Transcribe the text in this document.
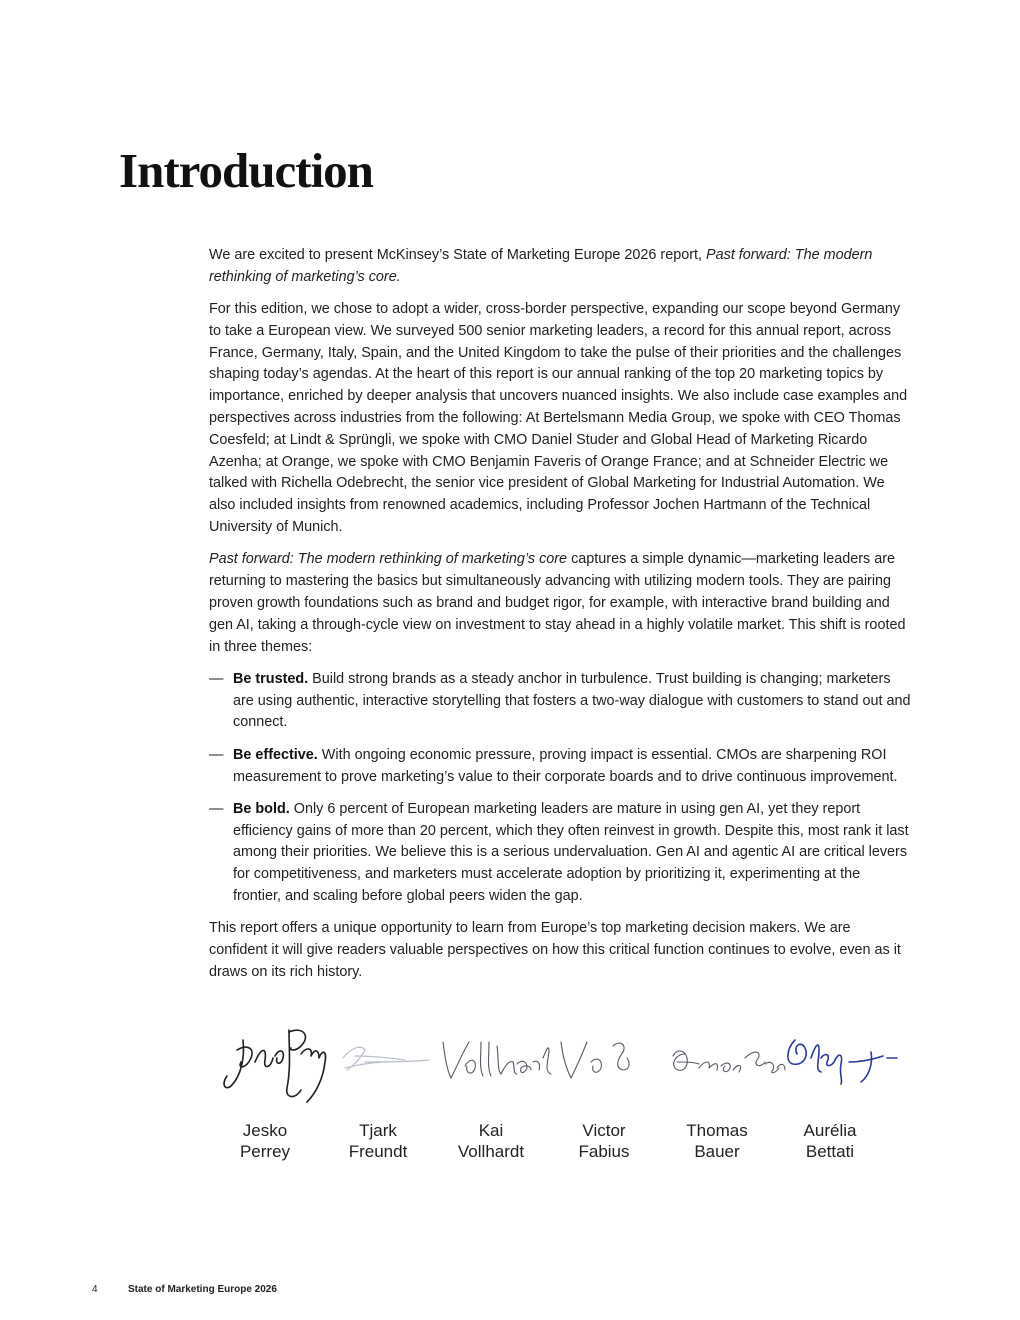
Introduction

We are excited to present McKinsey’s State of Marketing Europe 2026 report, Past forward: The modern rethinking of marketing’s core.

For this edition, we chose to adopt a wider, cross-border perspective, expanding our scope beyond Germany to take a European view. We surveyed 500 senior marketing leaders, a record for this annual report, across France, Germany, Italy, Spain, and the United Kingdom to take the pulse of their priorities and the challenges shaping today’s agendas. At the heart of this report is our annual ranking of the top 20 marketing topics by importance, enriched by deeper analysis that uncovers nuanced insights. We also include case examples and perspectives across industries from the following: At Bertelsmann Media Group, we spoke with CEO Thomas Coesfeld; at Lindt & Sprüngli, we spoke with CMO Daniel Studer and Global Head of Marketing Ricardo Azenha; at Orange, we spoke with CMO Benjamin Faveris of Orange France; and at Schneider Electric we talked with Richella Odebrecht, the senior vice president of Global Marketing for Industrial Automation. We also included insights from renowned academics, including Professor Jochen Hartmann of the Technical University of Munich.

Past forward: The modern rethinking of marketing’s core captures a simple dynamic—marketing leaders are returning to mastering the basics but simultaneously advancing with utilizing modern tools. They are pairing proven growth foundations such as brand and budget rigor, for example, with interactive brand building and gen AI, taking a through-cycle view on investment to stay ahead in a highly volatile market. This shift is rooted in three themes:

— Be trusted. Build strong brands as a steady anchor in turbulence. Trust building is changing; marketers are using authentic, interactive storytelling that fosters a two-way dialogue with customers to stand out and connect.
— Be effective. With ongoing economic pressure, proving impact is essential. CMOs are sharpening ROI measurement to prove marketing’s value to their corporate boards and to drive continuous improvement.
— Be bold. Only 6 percent of European marketing leaders are mature in using gen AI, yet they report efficiency gains of more than 20 percent, which they often reinvest in growth. Despite this, most rank it last among their priorities. We believe this is a serious undervaluation. Gen AI and agentic AI are critical levers for competitiveness, and marketers must accelerate adoption by prioritizing it, experimenting at the frontier, and scaling before global peers widen the gap.

This report offers a unique opportunity to learn from Europe’s top marketing decision makers. We are confident it will give readers valuable perspectives on how this critical function continues to evolve, even as it draws on its rich history.

Jesko
Perrey
Tjark
Freundt
Kai
Vollhardt
Victor
Fabius
Thomas
Bauer
Aurélia
Bettati
4	State of Marketing Europe 2026
